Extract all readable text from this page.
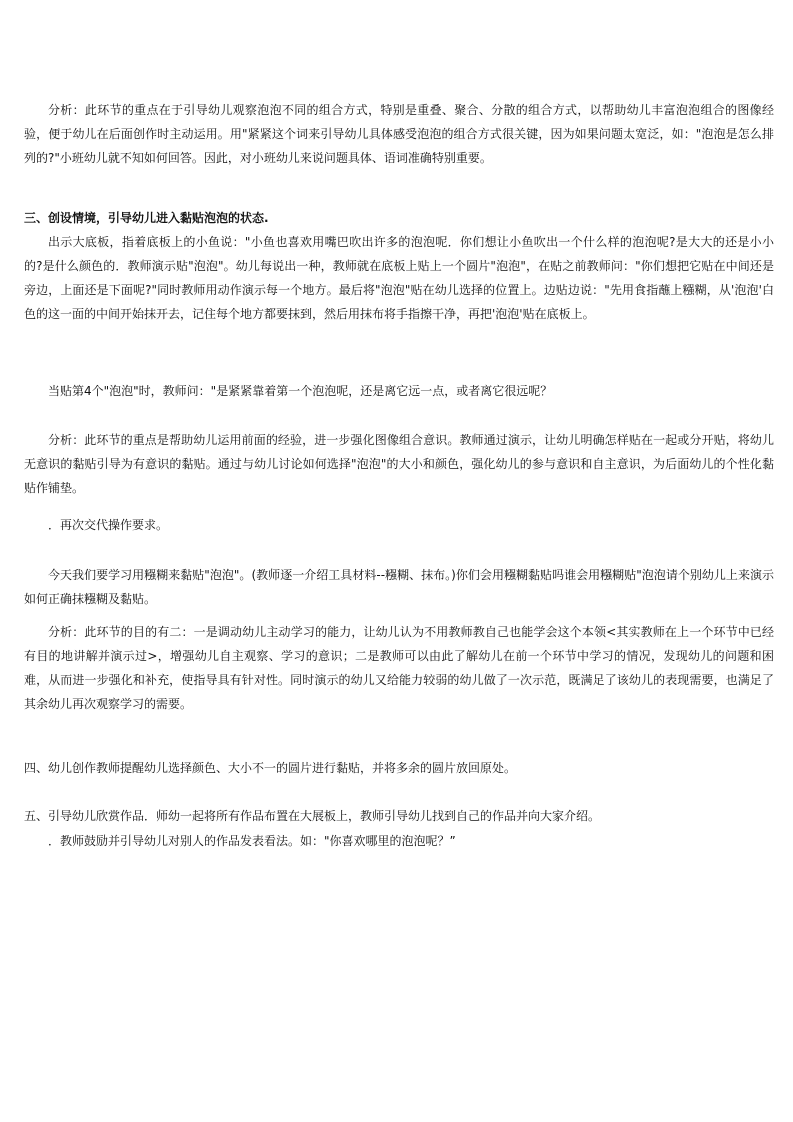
分析：此环节的重点在于引导幼儿观察泡泡不同的组合方式，特别是重叠、聚合、分散的组合方式，以帮助幼儿丰富泡泡组合的图像经验，便于幼儿在后面创作时主动运用。用"紧紧这个词来引导幼儿具体感受泡泡的组合方式很关键，因为如果问题太宽泛，如："泡泡是怎么排列的?"小班幼儿就不知如何回答。因此，对小班幼儿来说问题具体、语词准确特别重要。

三、创设情境，引导幼儿进入黏贴泡泡的状态.

出示大底板，指着底板上的小鱼说："小鱼也喜欢用嘴巴吹出许多的泡泡呢．你们想让小鱼吹出一个什么样的泡泡呢?是大大的还是小小的?是什么颜色的．教师演示贴"泡泡"。幼儿每说出一种，教师就在底板上贴上一个圆片"泡泡"，在贴之前教师问："你们想把它贴在中间还是旁边，上面还是下面呢?"同时教师用动作演示每一个地方。最后将"泡泡"贴在幼儿选择的位置上。边贴边说："先用食指蘸上糨糊，从'泡泡'白色的这一面的中间开始抹开去，记住每个地方都要抹到，然后用抹布将手指擦干净，再把'泡泡'贴在底板上。

当贴第4个"泡泡"时，教师问："是紧紧靠着第一个泡泡呢，还是离它远一点，或者离它很远呢？

分析：此环节的重点是帮助幼儿运用前面的经验，进一步强化图像组合意识。教师通过演示，让幼儿明确怎样贴在一起或分开贴，将幼儿无意识的黏贴引导为有意识的黏贴。通过与幼儿讨论如何选择"泡泡"的大小和颜色，强化幼儿的参与意识和自主意识，为后面幼儿的个性化黏贴作铺垫。

．再次交代操作要求。

今天我们要学习用糨糊来黏贴"泡泡"。(教师逐一介绍工具材料--糨糊、抹布。)你们会用糨糊黏贴吗谁会用糨糊贴"泡泡请个别幼儿上来演示如何正确抹糨糊及黏贴。

分析：此环节的目的有二：一是调动幼儿主动学习的能力，让幼儿认为不用教师教自己也能学会这个本领<其实教师在上一个环节中已经有目的地讲解并演示过>，增强幼儿自主观察、学习的意识；二是教师可以由此了解幼儿在前一个环节中学习的情况，发现幼儿的问题和困难，从而进一步强化和补充，使指导具有针对性。同时演示的幼儿又给能力较弱的幼儿做了一次示范，既满足了该幼儿的表现需要，也满足了其余幼儿再次观察学习的需要。

四、幼儿创作教师提醒幼儿选择颜色、大小不一的圆片进行黏贴，并将多余的圆片放回原处。

五、引导幼儿欣赏作品．师幼一起将所有作品布置在大展板上，教师引导幼儿找到自己的作品并向大家介绍。

．教师鼓励并引导幼儿对别人的作品发表看法。如："你喜欢哪里的泡泡呢？”
